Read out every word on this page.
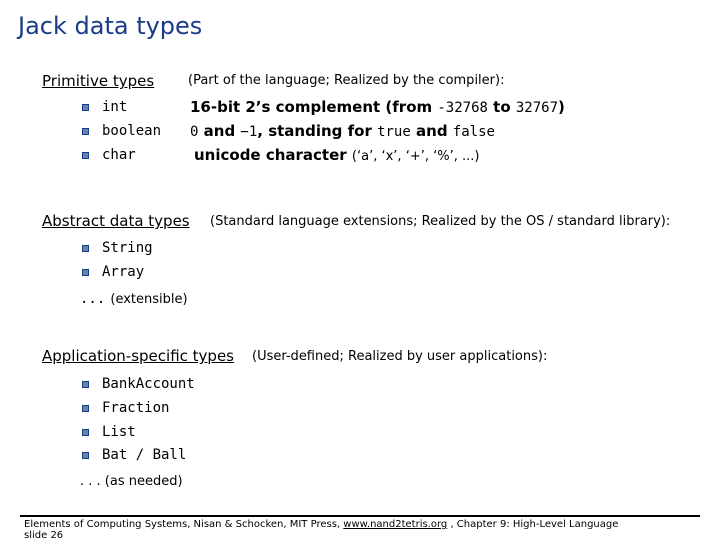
Jack data types
Primitive types	(Part of the language; Realized by the compiler):
int	16-bit 2’s complement (from -32768 to 32767)
boolean 0 and −1, standing for true and false
char	unicode character (‘a’, ‘x’, ‘+’, ‘%’, ...)
Abstract data types (Standard language extensions; Realized by the OS / standard library):
String
Array
... (extensible)
Application-specific types (User-defined; Realized by user applications):
BankAccount
Fraction
List
Bat / Ball
. . . (as needed)
Elements of Computing Systems, Nisan & Schocken, MIT Press, www.nand2tetris.org , Chapter 9: High-Level Language
slide 26
